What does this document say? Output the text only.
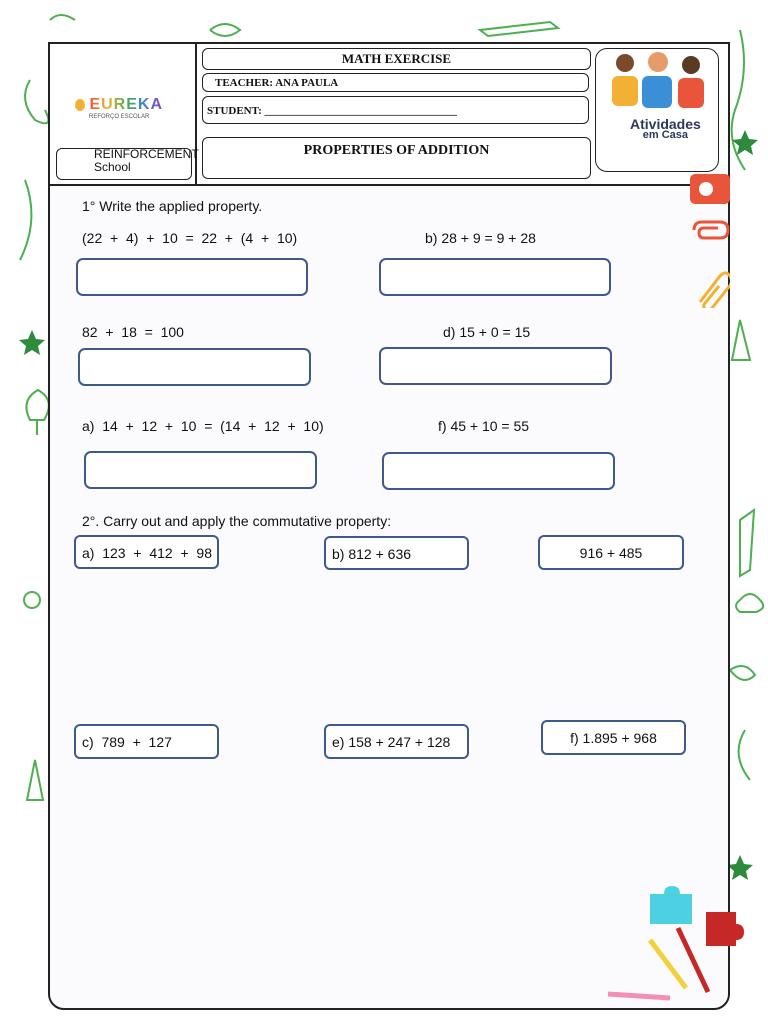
EUREKA
REFORÇO ESCOLAR
REINFORCEMENT
School
MATH EXERCISE
TEACHER: ANA PAULA
STUDENT: ___________________________________
PROPERTIES OF ADDITION
Atividades
em Casa
1° Write the applied property.
(22  +  4)  +  10  =  22  +  (4  +  10)	b) 28 + 9 = 9 + 28
82  +  18  =  100	d) 15 + 0 = 15
a)  14  +  12  +  10  =  (14  +  12  +  10)	f) 45 + 10 = 55
2°. Carry out and apply the commutative property:
a)  123  +  412  +  98	b) 812 + 636	916 + 485
c)  789  +  127	e) 158 + 247 + 128	f) 1.895 + 968
